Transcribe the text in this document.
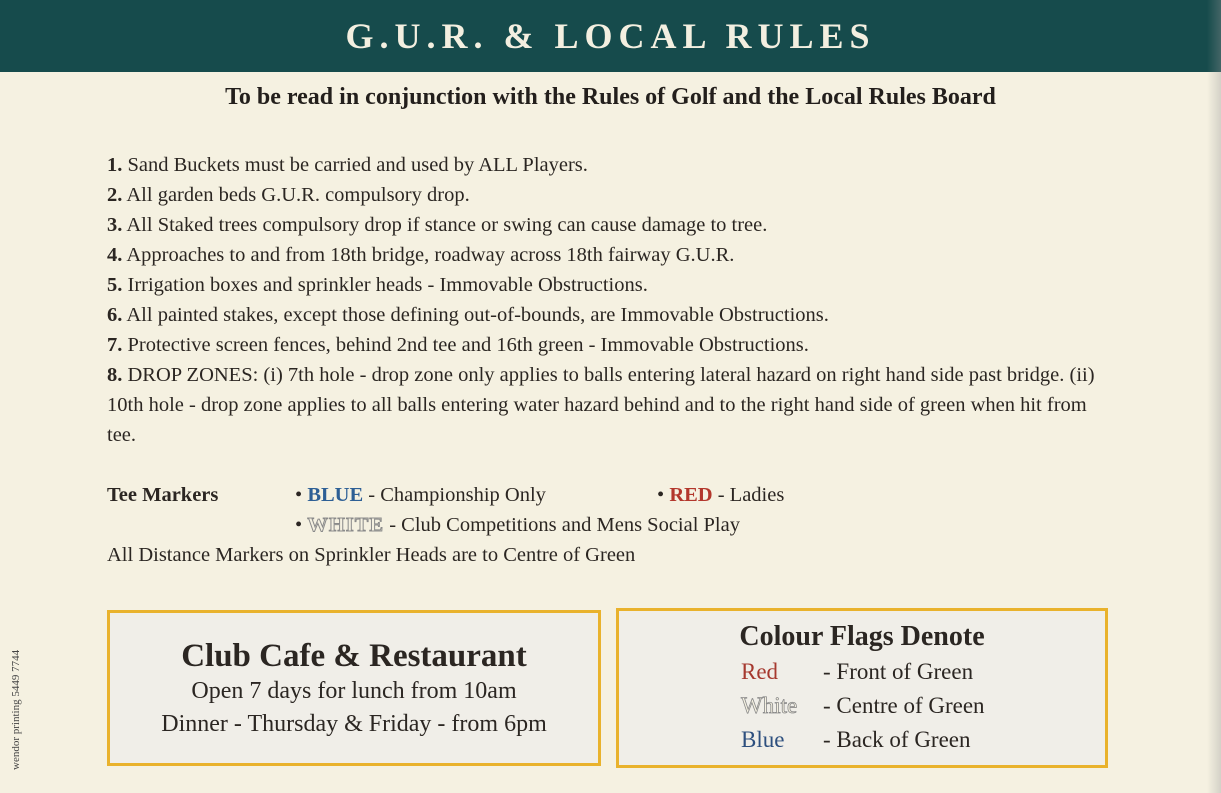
G.U.R. & LOCAL RULES
To be read in conjunction with the Rules of Golf and the Local Rules Board
1. Sand Buckets must be carried and used by ALL Players.
2. All garden beds G.U.R. compulsory drop.
3. All Staked trees compulsory drop if stance or swing can cause damage to tree.
4. Approaches to and from 18th bridge, roadway across 18th fairway G.U.R.
5. Irrigation boxes and sprinkler heads - Immovable Obstructions.
6. All painted stakes, except those defining out-of-bounds, are Immovable Obstructions.
7. Protective screen fences, behind 2nd tee and 16th green - Immovable Obstructions.
8. DROP ZONES: (i) 7th hole - drop zone only applies to balls entering lateral hazard on right hand side past bridge. (ii) 10th hole - drop zone applies to all balls entering water hazard behind and to the right hand side of green when hit from tee.
Tee Markers	• BLUE - Championship Only	• RED - Ladies
• WHITE - Club Competitions and Mens Social Play
All Distance Markers on Sprinkler Heads are to Centre of Green
Club Cafe & Restaurant
Open 7 days for lunch from 10am
Dinner - Thursday & Friday - from 6pm
Colour Flags Denote
Red - Front of Green
White - Centre of Green
Blue - Back of Green
wendor printing 5449 7744
